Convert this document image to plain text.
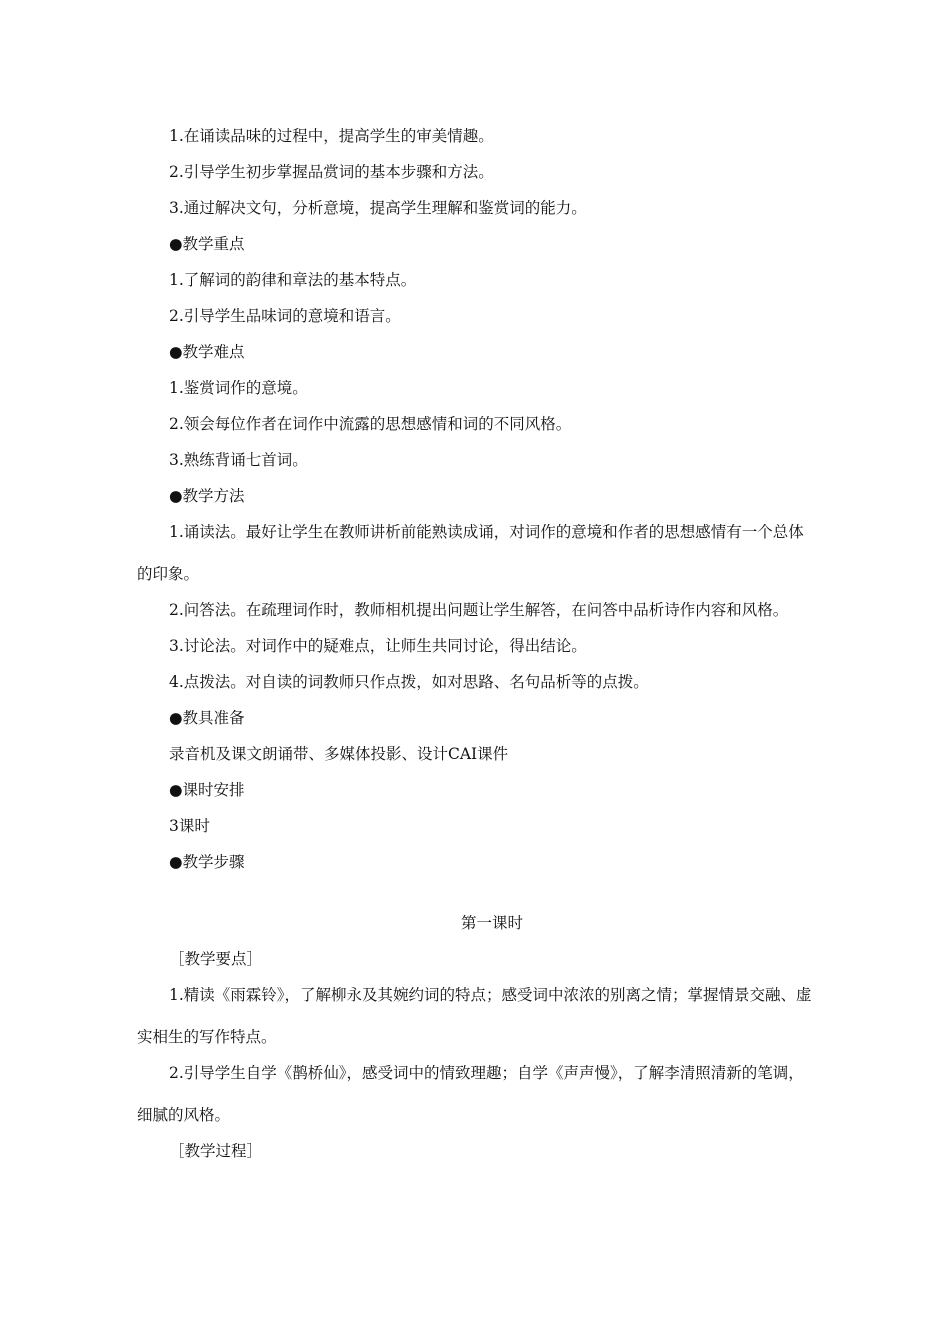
1.在诵读品味的过程中，提高学生的审美情趣。

2.引导学生初步掌握品赏词的基本步骤和方法。

3.通过解决文句，分析意境，提高学生理解和鉴赏词的能力。

●教学重点

1.了解词的韵律和章法的基本特点。

2.引导学生品味词的意境和语言。

●教学难点

1.鉴赏词作的意境。

2.领会每位作者在词作中流露的思想感情和词的不同风格。

3.熟练背诵七首词。

●教学方法

1.诵读法。最好让学生在教师讲析前能熟读成诵，对词作的意境和作者的思想感情有一个总体的印象。

2.问答法。在疏理词作时，教师相机提出问题让学生解答，在问答中品析诗作内容和风格。

3.讨论法。对词作中的疑难点，让师生共同讨论，得出结论。

4.点拨法。对自读的词教师只作点拨，如对思路、名句品析等的点拨。

●教具准备

录音机及课文朗诵带、多媒体投影、设计CAI课件

●课时安排

3课时

●教学步骤

第一课时

［教学要点］

1.精读《雨霖铃》，了解柳永及其婉约词的特点；感受词中浓浓的别离之情；掌握情景交融、虚实相生的写作特点。

2.引导学生自学《鹊桥仙》，感受词中的情致理趣；自学《声声慢》，了解李清照清新的笔调，细腻的风格。

［教学过程］
